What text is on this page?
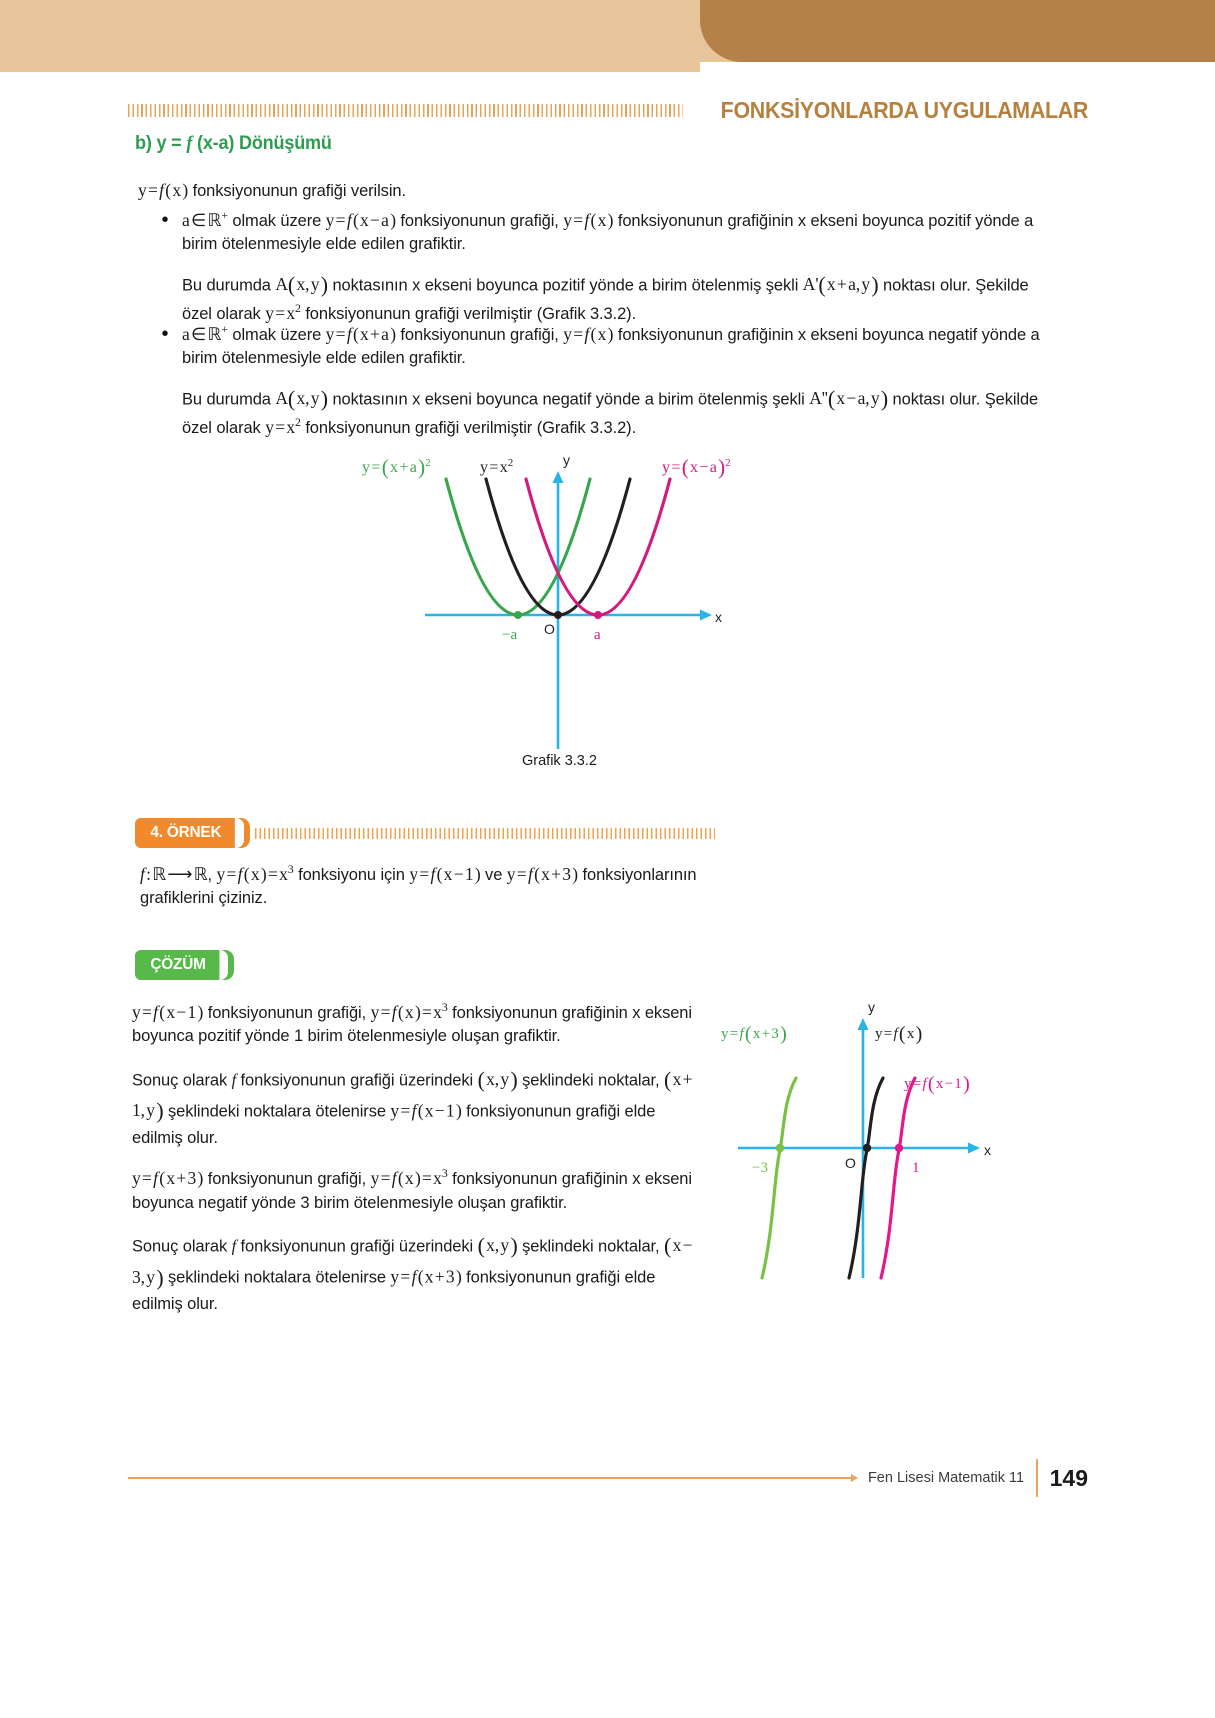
FONKSİYONLARDA UYGULAMALAR
b) y = f (x-a) Dönüşümü
y = f ( x ) fonksiyonunun grafiği verilsin.
• a ∈ ℝ+ olmak üzere y = f ( x − a ) fonksiyonunun grafiği, y = f ( x ) fonksiyonunun grafiğinin x ekseni boyunca pozitif yönde a birim ötelenmesiyle elde edilen grafiktir.
Bu durumda A( x, y ) noktasının x ekseni boyunca pozitif yönde a birim ötelenmiş şekli A'( x + a, y ) noktası olur. Şekilde özel olarak y = $x^2$ fonksiyonunun grafiği verilmiştir (Grafik 3.3.2).
• a ∈ ℝ+ olmak üzere y = f ( x + a ) fonksiyonunun grafiği, y = f ( x ) fonksiyonunun grafiğinin x ekseni boyunca negatif yönde a birim ötelenmesiyle elde edilen grafiktir.
Bu durumda A( x, y ) noktasının x ekseni boyunca negatif yönde a birim ötelenmiş şekli A''( x − a, y ) noktası olur. Şekilde özel olarak y = $x^2$ fonksiyonunun grafiği verilmiştir (Grafik 3.3.2).
y
x
O
−a	a
y = ( x + a )$^2$	y = $x^2$	y = ( x − a )$^2$
Grafik 3.3.2
4. ÖRNEK
f : ℝ ⟶ ℝ, y = f ( x ) = $x^3$ fonksiyonu için y = f ( x − 1 ) ve y = f ( x + 3 ) fonksiyonlarının
grafiklerini çiziniz.
ÇÖZÜM

y = f ( x − 1 ) fonksiyonunun grafiği, y = f ( x ) = $x^3$ fonksiyonunun grafiğinin x ekseni boyunca pozitif yönde 1 birim ötelenmesiyle oluşan grafiktir.

Sonuç olarak f fonksiyonunun grafiği üzerindeki ( x, y ) şeklindeki noktalar, ( x + 1, y ) şeklindeki noktalara ötelenirse y = f ( x − 1 ) fonksiyonunun grafiği elde edilmiş olur.

y = f ( x + 3 ) fonksiyonunun grafiği, y = f ( x ) = $x^3$ fonksiyonunun grafiğinin x ekseni boyunca negatif yönde 3 birim ötelenmesiyle oluşan grafiktir.

Sonuç olarak f fonksiyonunun grafiği üzerindeki ( x, y ) şeklindeki noktalar, ( x − 3, y ) şeklindeki noktalara ötelenirse y = f ( x + 3 ) fonksiyonunun grafiği elde edilmiş olur.

y
x
O
−3	1
y = f ( x + 3 )	y = f ( x )
y = f ( x − 1 )
Fen Lisesi Matematik 11	149
